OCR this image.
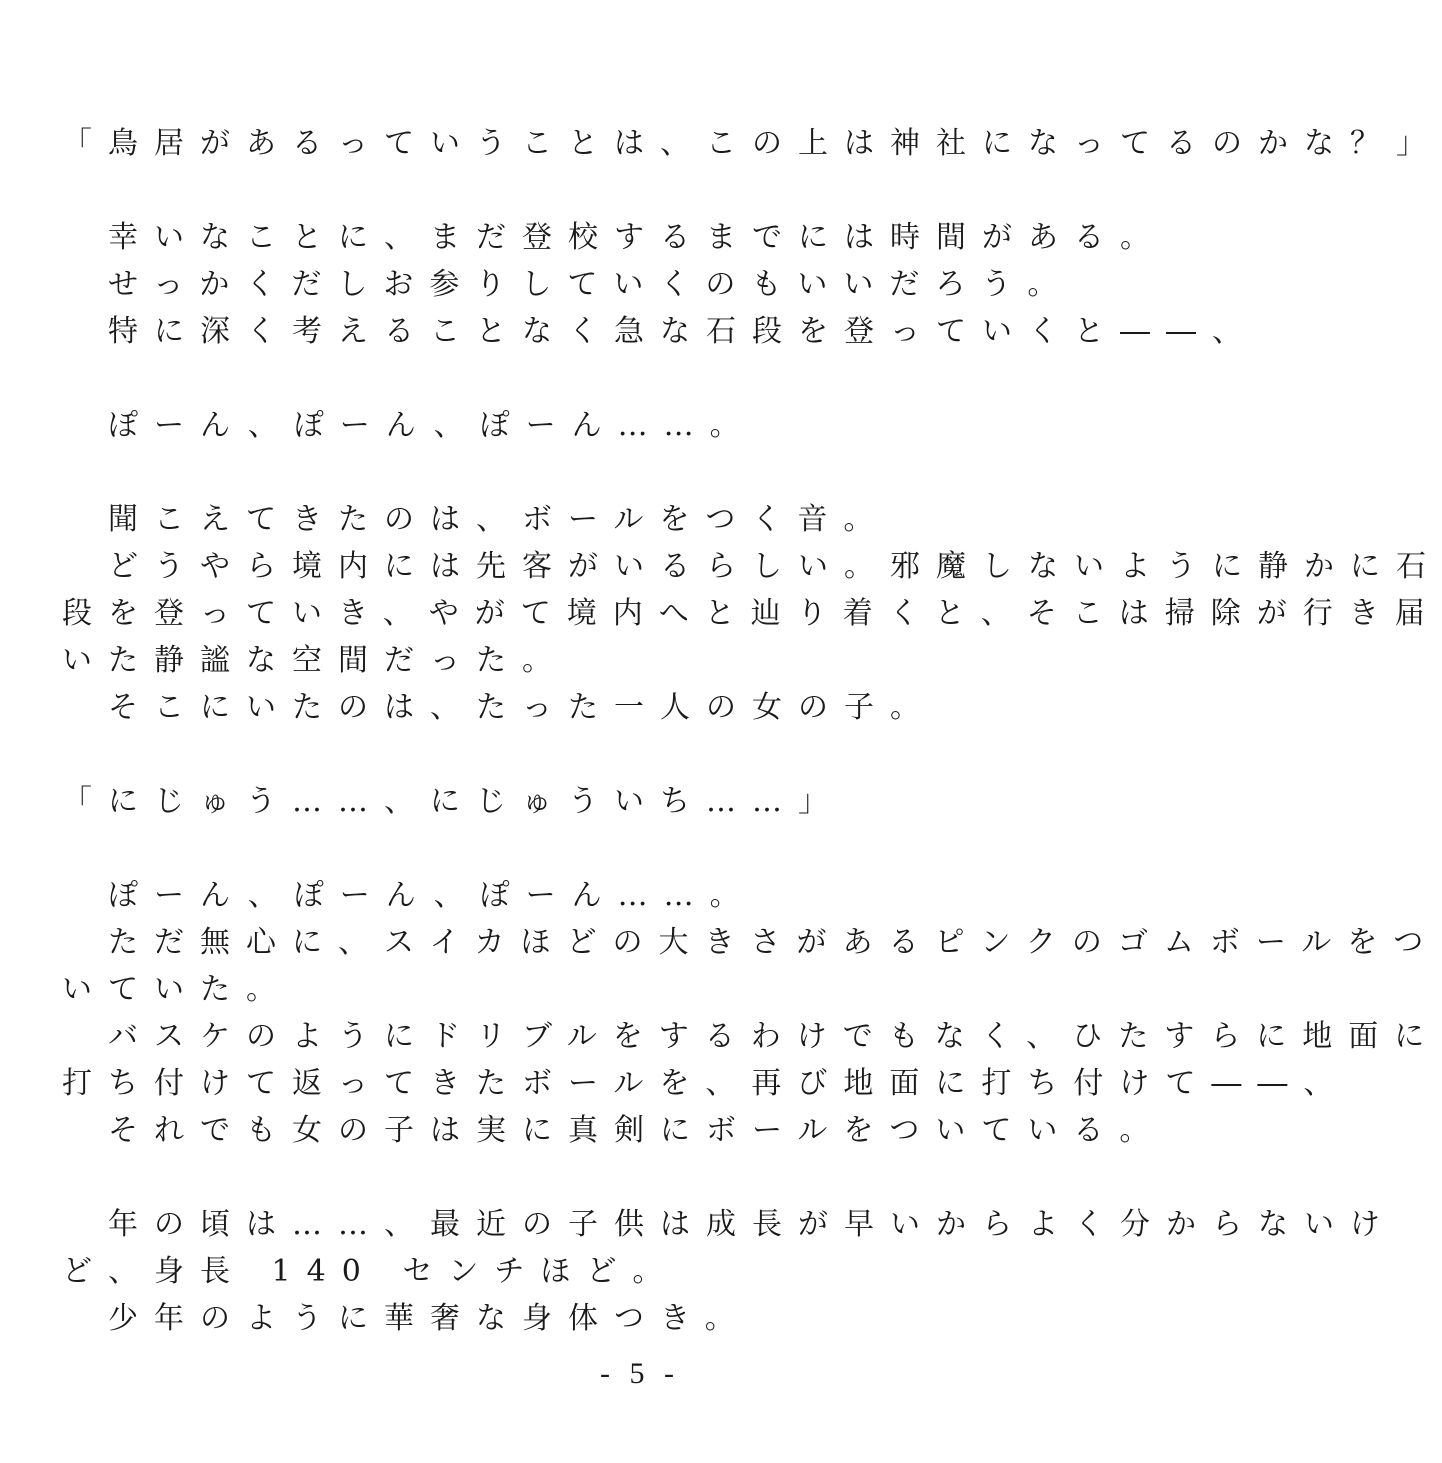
「鳥居があるっていうことは、この上は神社になってるのかな？」
　幸いなことに、まだ登校するまでには時間がある。
　せっかくだしお参りしていくのもいいだろう。
　特に深く考えることなく急な石段を登っていくと――、
　ぽーん、ぽーん、ぽーん……。
　聞こえてきたのは、ボールをつく音。
　どうやら境内には先客がいるらしい。邪魔しないように静かに石
段を登っていき、やがて境内へと辿り着くと、そこは掃除が行き届
いた静謐な空間だった。
　そこにいたのは、たった一人の女の子。
「にじゅう……、にじゅういち……」
　ぽーん、ぽーん、ぽーん……。
　ただ無心に、スイカほどの大きさがあるピンクのゴムボールをつ
いていた。
　バスケのようにドリブルをするわけでもなく、ひたすらに地面に
打ち付けて返ってきたボールを、再び地面に打ち付けて――、
　それでも女の子は実に真剣にボールをついている。
　年の頃は……、最近の子供は成長が早いからよく分からないけ
ど、身長 140 センチほど。
　少年のように華奢な身体つき。
- 5 -
